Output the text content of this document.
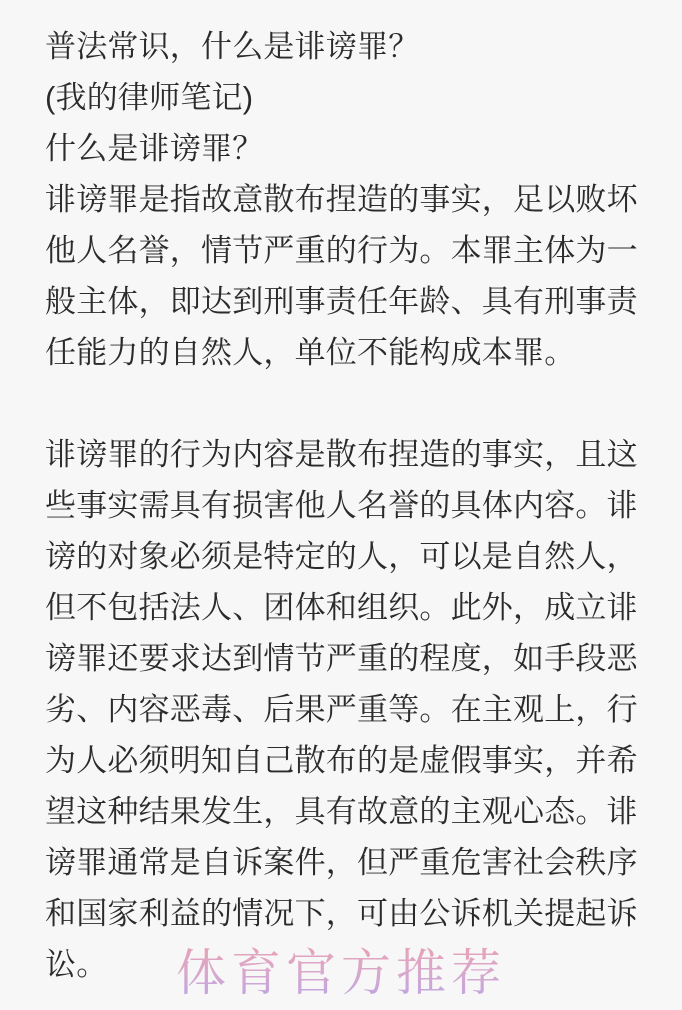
普法常识，什么是诽谤罪？
(我的律师笔记)
什么是诽谤罪？
诽谤罪是指故意散布捏造的事实，足以败坏
他人名誉，情节严重的行为。本罪主体为一
般主体，即达到刑事责任年龄、具有刑事责
任能力的自然人，单位不能构成本罪。
诽谤罪的行为内容是散布捏造的事实，且这
些事实需具有损害他人名誉的具体内容。诽
谤的对象必须是特定的人，可以是自然人，
但不包括法人、团体和组织。此外，成立诽
谤罪还要求达到情节严重的程度，如手段恶
劣、内容恶毒、后果严重等。在主观上，行
为人必须明知自己散布的是虚假事实，并希
望这种结果发生，具有故意的主观心态。诽
谤罪通常是自诉案件，但严重危害社会秩序
和国家利益的情况下，可由公诉机关提起诉
讼。	体育官方推荐
